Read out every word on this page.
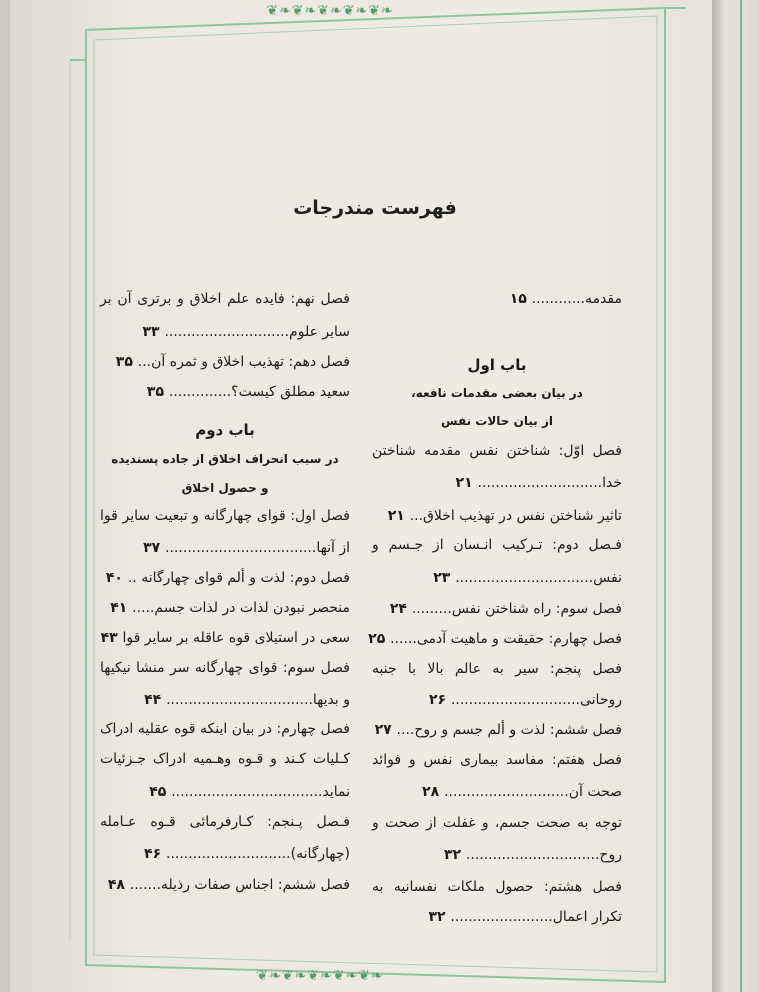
❦❧❦❧❦❧❦❧❦❧
❦❧❦❧❦❧❦❧❦❧
فهرست مندرجات
مقدمه............ ۱۵
باب اول
در بیان بعضی مقدمات نافعه،
از بیان حالات نفس
فصل اوّل: شناختن نفس مقدمه شناختن
خدا............................ ۲۱
تاثیر شناختن نفس در تهذیب اخلاق... ۲۱
فـصل دوم: تـرکیب انـسان از جـسم و
نفس............................... ۲۳
فصل سوم: راه شناختن نفس......... ۲۴
فصل چهارم: حقیقت و ماهیت آدمی...... ۲۵
فصل پنجم: سیر به عالم بالا با جنبه
روحانی............................. ۲۶
فصل ششم: لذت و ألم جسم و روح.... ۲۷
فصل هفتم: مفاسد بیماری نفس و فوائد
صحت آن............................ ۲۸
توجه به صحت جسم، و غفلت از صحت و
روح.............................. ۳۲
فصل هشتم: حصول ملکات نفسانیه به
تکرار اعمال....................... ۳۲
فصل نهم: فایده علم اخلاق و برتری آن بر
سایر علوم............................ ۳۳
فصل دهم: تهذیب اخلاق و ثمره آن... ۳۵
سعید مطلق کیست؟.............. ۳۵
باب دوم
در سبب انحراف اخلاق از جاده پسندیده
و حصول اخلاق
فصل اول: قوای چهارگانه و تبعیت سایر قوا
از آنها.................................. ۳۷
فصل دوم: لذت و ألم قوای چهارگانه .. ۴۰
منحصر نبودن لذات در لذات جسم..... ۴۱
سعی در استیلای قوه عاقله بر سایر قوا ۴۳
فصل سوم: قوای چهارگانه سر منشا نیکیها
و بدیها................................. ۴۴
فصل چهارم: در بیان اینکه قوه عقلیه ادراک
کـلیات کـند و قـوه وهـمیه ادراک جـزئیات
نماید.................................. ۴۵
فـصل پـنجم: کـارفرمائی قـوه عـامله
(چهارگانه)............................ ۴۶
فصل ششم: اجناس صفات رذیله....... ۴۸
